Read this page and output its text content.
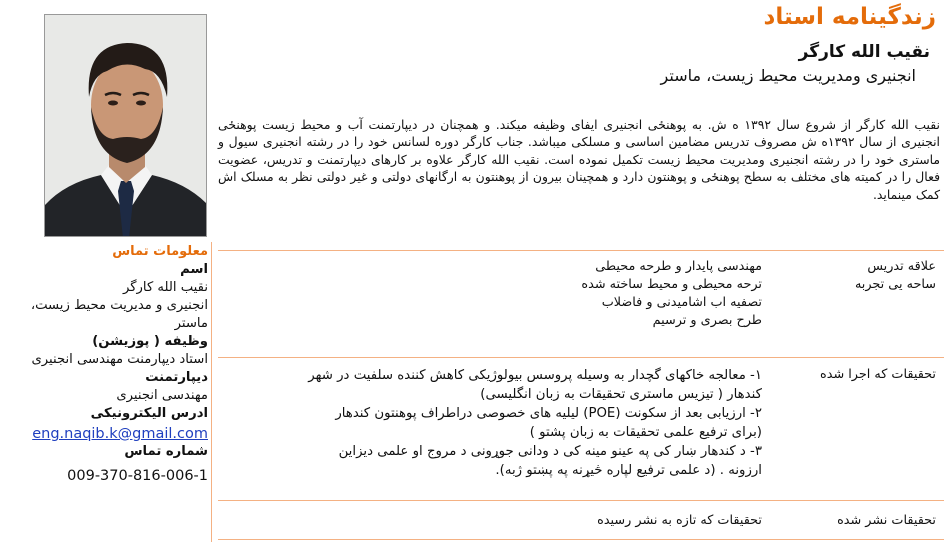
زندگینامه استاد
نقیب الله کارگر
انجنیری ومدیریت محیط زیست، ماستر
نقیب الله کارگر از شروع سال ۱۳۹۲ ه ش. به پوهنځی انجنیری ایفای وظیفه میکند. و همچنان در دیپارتمنت آب و محیط زیست پوهنځی انجنیری از سال ۱۳۹۲ه ش مصروف تدریس مضامین اساسی و مسلکی میباشد. جناب کارگر دوره لسانس خود را در رشته انجنیری سیول و ماستری خود را در رشته انجنیری ومدیریت محیط زیست تکمیل نموده است. نقیب الله کارگر علاوه بر کارهای دیپارتمنت و تدریس، عضویت فعال را در کمیته های مختلف به سطح پوهنځی و پوهنتون دارد و همچینان بیرون از پوهنتون به ارگانهای دولتی و غیر دولتی نظر به مسلک اش کمک مینماید.
معلومات تماس
اسم
نقیب الله کارگر
انجنیری و مدیریت محیط زیست، ماستر
وظیفه ( پوزیشن)
استاد دیپارمنت مهندسی انجنیری
دیپارتمنت
مهندسی انجنیری
ادرس الیکترونیکی
eng.naqib.k@gmail.com
شماره تماس
009-370-816-006-1
علاقه تدریس
مهندسی پایدار و طرحه محیطی
ساحه یی تجربه
ترحه محیطی و محیط ساخته شده
تصفیه اب اشامیدنی و فاضلاب
طرح بصری و ترسیم
تحقیقات که اجرا شده
۱- معالجه خاکهای گچدار به وسیله پروسس بیولوژیکی کاهش کننده سلفیت در شهر
کندهار ( تیزیس ماستری تحقیقات به زبان انگلیسی)
۲- ارزیابی بعد از سکونت (POE) لیلیه های خصوصی دراطراف پوهنتون کندهار
(برای ترفیع علمی تحقیقات به زبان پشتو )
۳- د کندهار ښار کی په عینو مینه کی د ودانی جوړونی د مروج او علمی دیزاین
ارزونه . (د علمی ترفیع لپاره څیړنه په پښتو ژبه).
تحقیقات نشر شده
تحقیقات که تازه به نشر رسیده
